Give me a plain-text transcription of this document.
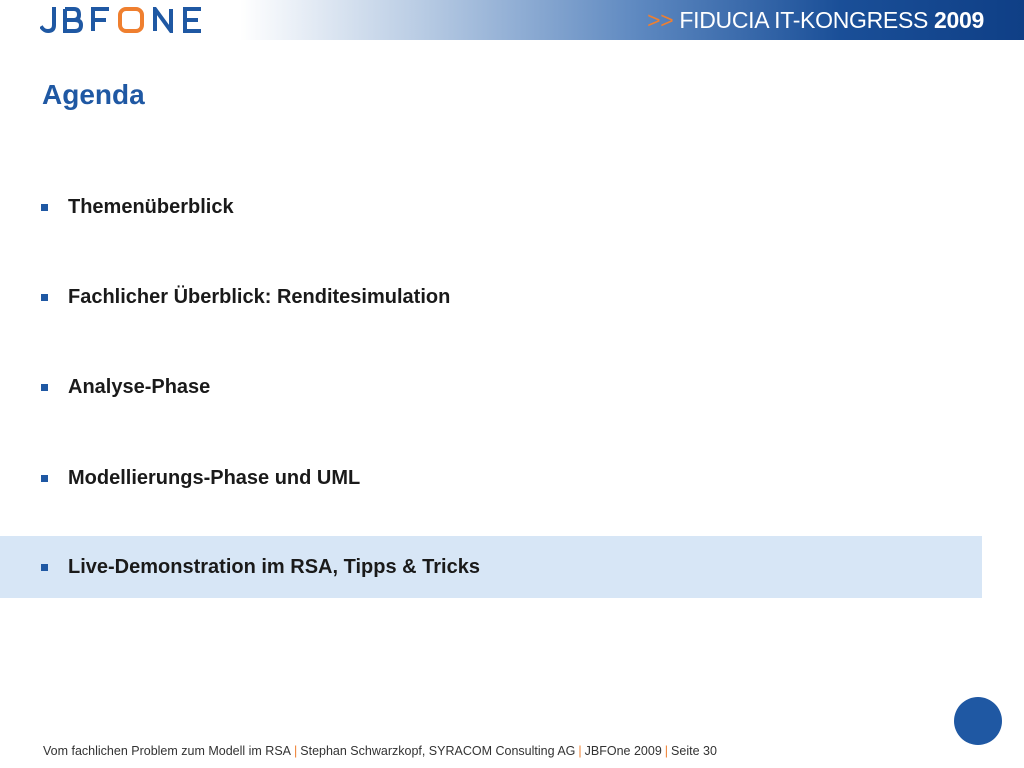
>> FIDUCIA IT-KONGRESS 2009
Agenda
Themenüberblick
Fachlicher Überblick: Renditesimulation
Analyse-Phase
Modellierungs-Phase und UML
Live-Demonstration im RSA, Tipps & Tricks
Vom fachlichen Problem zum Modell im RSA | Stephan Schwarzkopf, SYRACOM Consulting AG | JBFOne 2009 | Seite 30
